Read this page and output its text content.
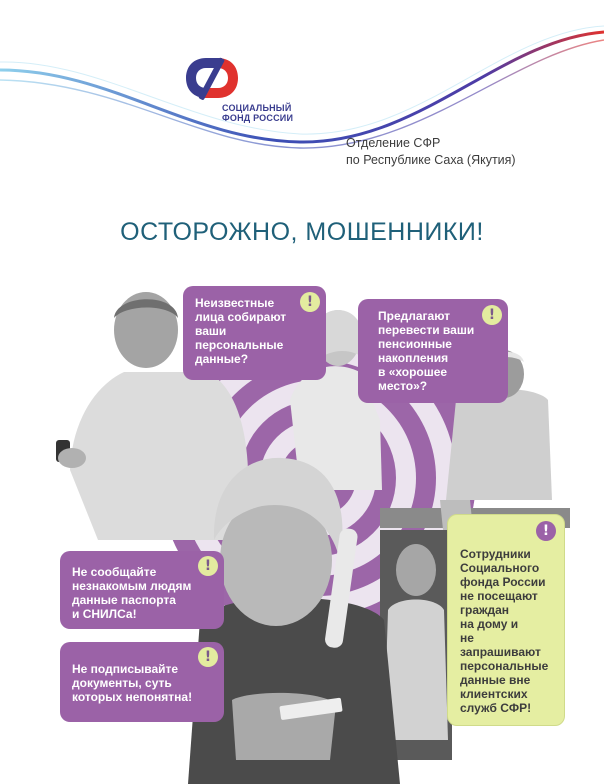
СОЦИАЛЬНЫЙ
ФОНД РОССИИ
Отделение СФР
по Республике Саха (Якутия)
ОСТОРОЖНО, МОШЕННИКИ!
Неизвестные
лица собирают
ваши
персональные
данные?
!
Предлагают
перевести ваши
пенсионные
накопления
в «хорошее
место»?
!
Не сообщайте
незнакомым людям
данные паспорта
и СНИЛСа!
!
Не подписывайте
документы, суть
которых непонятна!
!
Сотрудники
Социального
фонда России
не посещают
граждан
на дому и
не запрашивают
персональные
данные вне
клиентских
служб СФР!
!
